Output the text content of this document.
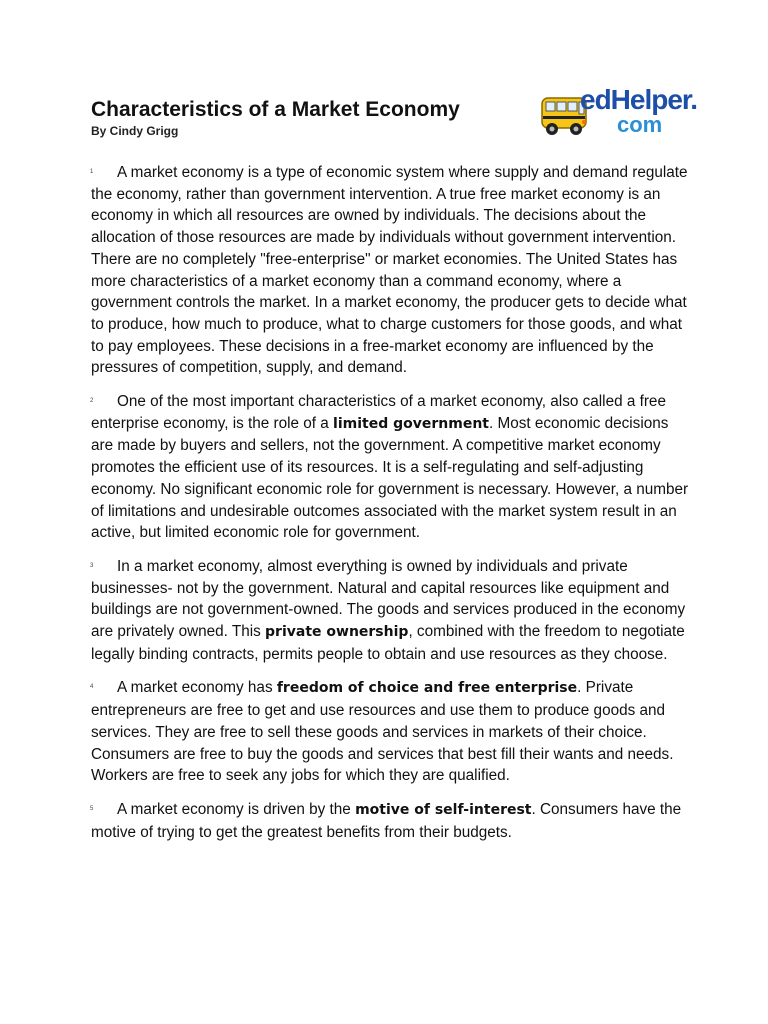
Characteristics of a Market Economy
By Cindy Grigg
edHelper.
com

1 A market economy is a type of economic system where supply and demand regulate the economy, rather than government intervention. A true free market economy is an economy in which all resources are owned by individuals. The decisions about the allocation of those resources are made by individuals without government intervention. There are no completely "free-enterprise" or market economies. The United States has more characteristics of a market economy than a command economy, where a government controls the market. In a market economy, the producer gets to decide what to produce, how much to produce, what to charge customers for those goods, and what to pay employees. These decisions in a free-market economy are influenced by the pressures of competition, supply, and demand.

2 One of the most important characteristics of a market economy, also called a free enterprise economy, is the role of a limited government. Most economic decisions are made by buyers and sellers, not the government. A competitive market economy promotes the efficient use of its resources. It is a self-regulating and self-adjusting economy. No significant economic role for government is necessary. However, a number of limitations and undesirable outcomes associated with the market system result in an active, but limited economic role for government.

3 In a market economy, almost everything is owned by individuals and private businesses- not by the government. Natural and capital resources like equipment and buildings are not government-owned. The goods and services produced in the economy are privately owned. This private ownership, combined with the freedom to negotiate legally binding contracts, permits people to obtain and use resources as they choose.

4 A market economy has freedom of choice and free enterprise. Private entrepreneurs are free to get and use resources and use them to produce goods and services. They are free to sell these goods and services in markets of their choice. Consumers are free to buy the goods and services that best fill their wants and needs. Workers are free to seek any jobs for which they are qualified.

5 A market economy is driven by the motive of self-interest. Consumers have the motive of trying to get the greatest benefits from their budgets.
